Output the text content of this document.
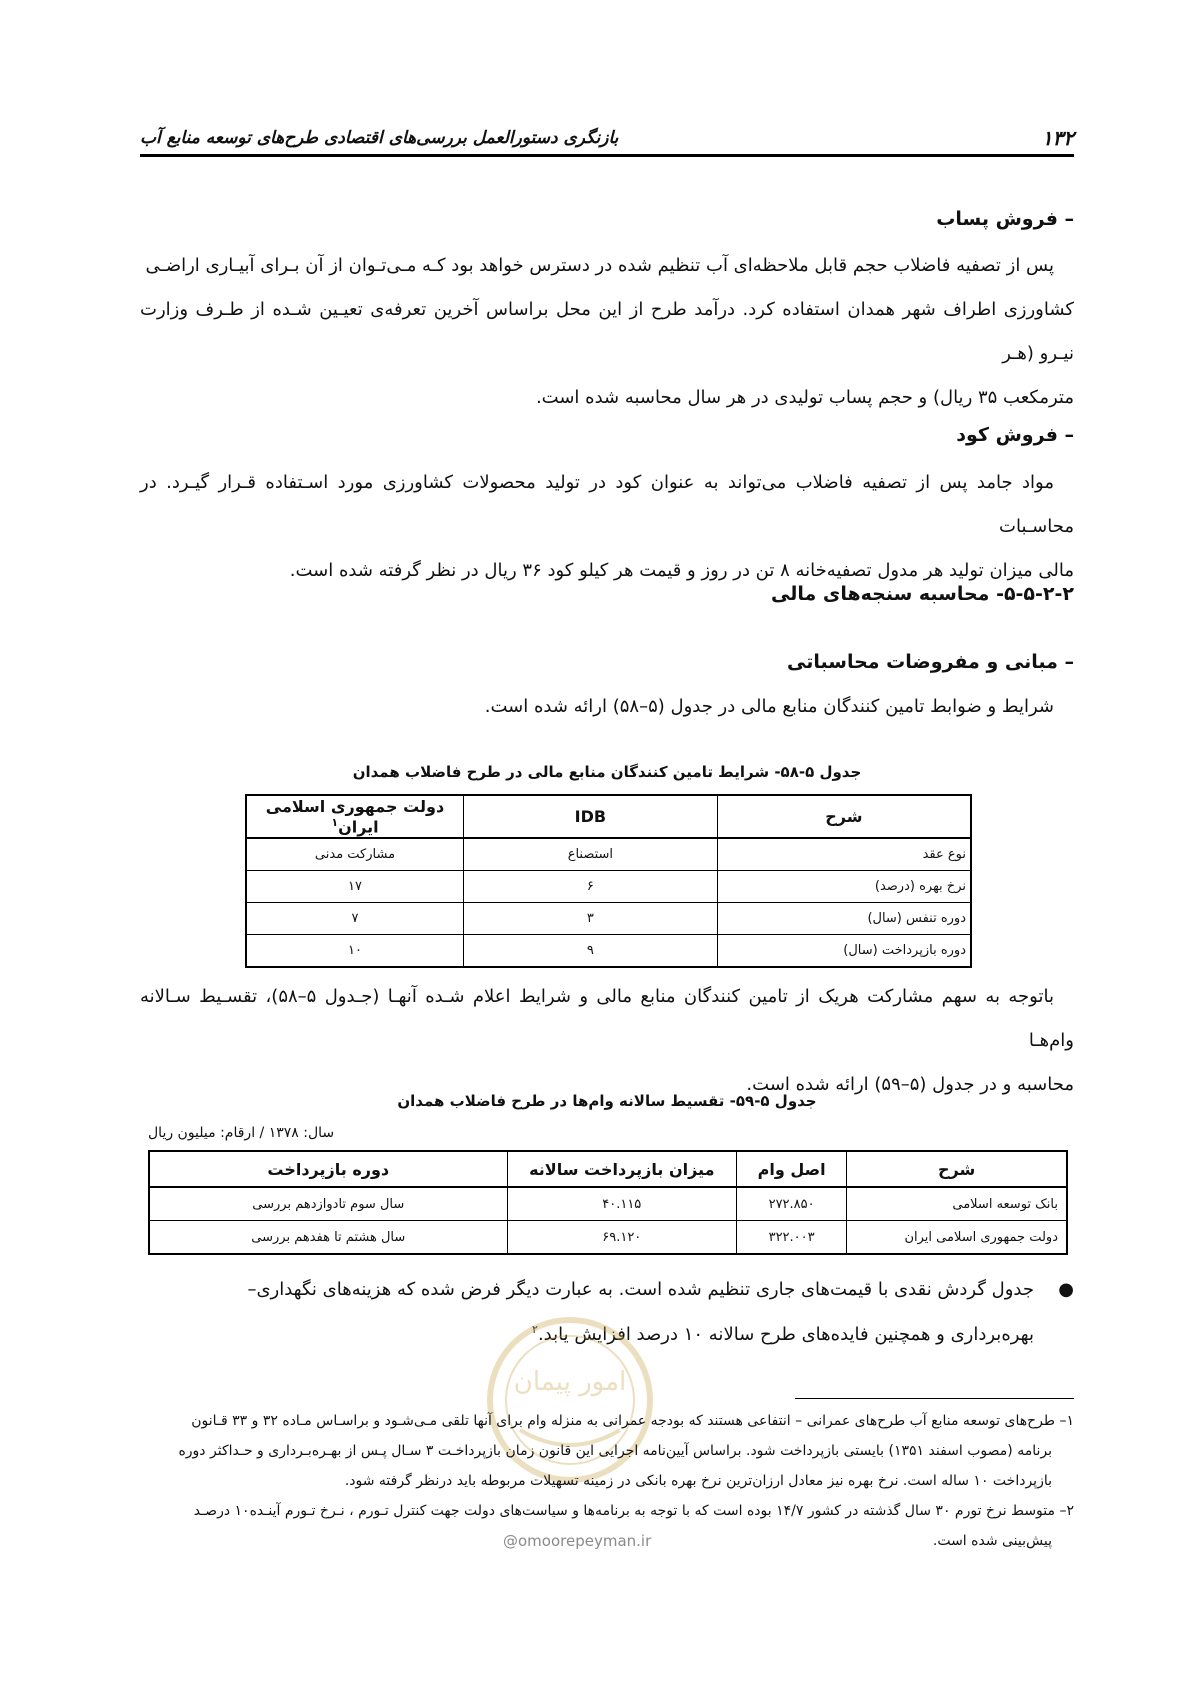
۱۳۲
بازنگری دستورالعمل بررسی‌های اقتصادی طرح‌های توسعه منابع آب
– فروش پساب
پس از تصفیه فاضلاب حجم قابل ملاحظه‌ای آب تنظیم شده در دسترس خواهد بود کـه مـی‌تـوان از آن بـرای آبیـاری اراضـی
کشاورزی اطراف شهر همدان استفاده کرد. درآمد طرح از این محل براساس آخرین تعرفه‌ی تعیـین شـده از طـرف وزارت نیـرو (هـر
مترمکعب ۳۵ ریال) و حجم پساب تولیدی در هر سال محاسبه شده است.
– فروش کود
مواد جامد پس از تصفیه فاضلاب می‌تواند به عنوان کود در تولید محصولات کشاورزی مورد اسـتفاده قـرار گیـرد. در محاسـبات
مالی میزان تولید هر مدول تصفیه‌خانه ۸ تن در روز و قیمت هر کیلو کود ۳۶ ریال در نظر گرفته شده است.
۵-۵-۲-۲- محاسبه سنجه‌های مالی
– مبانی و مفروضات محاسباتی
شرایط و ضوابط تامین کنندگان منابع مالی در جدول (۵–۵۸) ارائه شده است.
جدول ۵-۵۸- شرایط تامین کنندگان منابع مالی در طرح فاضلاب همدان
شرح	IDB	دولت جمهوری اسلامی ایران$^۱$
نوع عقد	استصناع	مشارکت مدنی
نرخ بهره (درصد)	۶	۱۷
دوره تنفس (سال)	۳	۷
دوره بازپرداخت (سال)	۹	۱۰
باتوجه به سهم مشارکت هریک از تامین کنندگان منابع مالی و شرایط اعلام شـده آنهـا (جـدول ۵–۵۸)، تقسـیط سـالانه وام‌هـا
محاسبه و در جدول (۵–۵۹) ارائه شده است.
جدول ۵-۵۹- تقسیط سالانه وام‌ها در طرح فاضلاب همدان
سال: ۱۳۷۸ / ارقام: میلیون ریال
شرح	اصل وام	میزان بازپرداخت سالانه	دوره بازپرداخت
بانک توسعه اسلامی	۲۷۲.۸۵۰	۴۰.۱۱۵	سال سوم تادوازدهم بررسی
دولت جمهوری اسلامی ایران	۳۲۲.۰۰۳	۶۹.۱۲۰	سال هشتم تا هفدهم بررسی
●
جدول گردش نقدی با قیمت‌های جاری تنظیم شده است. به عبارت دیگر فرض شده که هزینه‌های نگهداری–
بهره‌برداری و همچنین فایده‌های طرح سالانه ۱۰ درصد افزایش یابد.$^۲$
امور پیمان
۱– طرح‌های توسعه منابع آب طرح‌های عمرانی – انتفاعی هستند که بودجه عمرانی به منزله وام برای آنها تلقی مـی‌شـود و براسـاس مـاده ۳۲ و ۳۳ قـانون
برنامه (مصوب اسفند ۱۳۵۱) بایستی بازپرداخت شود. براساس آیین‌نامه اجرایی این قانون زمان بازپرداخـت ۳ سـال پـس از بهـره‌بـرداری و حـداکثر دوره
بازپرداخت ۱۰ ساله است. نرخ بهره نیز معادل ارزان‌ترین نرخ بهره بانکی در زمینه تسهیلات مربوطه باید درنظر گرفته شود.
۲– متوسط نرخ تورم ۳۰ سال گذشته در کشور ۱۴/۷ بوده است که با توجه به برنامه‌ها و سیاست‌های دولت جهت کنترل تـورم ، نـرخ تـورم آینـده۱۰ درصـد
پیش‌بینی شده است.
@omoorepeyman.ir
